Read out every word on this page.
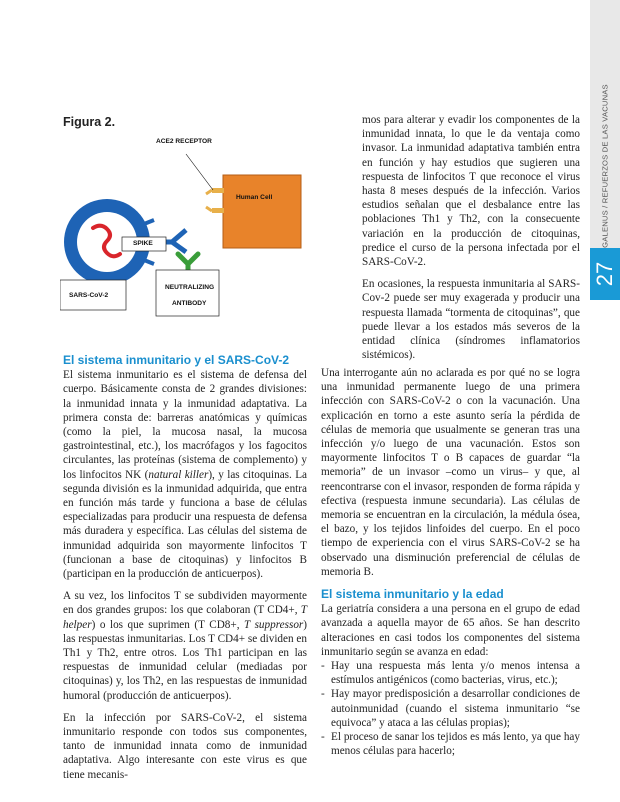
GALENUS / REFUERZOS DE LAS VACUNAS
27
Figura 2.
ACE2 RECEPTOR
Human Cell
SPIKE
SARS-CoV-2
NEUTRALIZING
ANTIBODY
El sistema inmunitario y el SARS-CoV-2

El sistema inmunitario es el sistema de defensa del cuerpo. Básicamente consta de 2 grandes divisiones: la inmunidad innata y la inmunidad adaptativa. La primera consta de: barreras anatómicas y químicas (como la piel, la mucosa nasal, la mucosa gastrointestinal, etc.), los macrófagos y los fagocitos circulantes, las proteínas (sistema de complemento) y los linfocitos NK (natural killer), y las citoquinas. La segunda división es la inmunidad adquirida, que entra en función más tarde y funciona a base de células especializadas para producir una respuesta de defensa más duradera y específica. Las células del sistema de inmunidad adquirida son mayormente linfocitos T (funcionan a base de citoquinas) y linfocitos B (participan en la producción de anticuerpos).

A su vez, los linfocitos T se subdividen mayormente en dos grandes grupos: los que colaboran (T CD4+, T helper) o los que suprimen (T CD8+, T suppressor) las respuestas inmunitarias. Los T CD4+ se dividen en Th1 y Th2, entre otros. Los Th1 participan en las respuestas de inmunidad celular (mediadas por citoquinas) y, los Th2, en las respuestas de inmunidad humoral (producción de anticuerpos).

En la infección por SARS-CoV-2, el sistema inmunitario responde con todos sus componentes, tanto de inmunidad innata como de inmunidad adaptativa. Algo interesante con este virus es que tiene mecanis-

mos para alterar y evadir los componentes de la inmunidad innata, lo que le da ventaja como invasor. La inmunidad adaptativa también entra en función y hay estudios que sugieren una respuesta de linfocitos T que reconoce el virus hasta 8 meses después de la infección. Varios estudios señalan que el desbalance entre las poblaciones Th1 y Th2, con la consecuente variación en la producción de citoquinas, predice el curso de la persona infectada por el SARS-CoV-2.

En ocasiones, la respuesta inmunitaria al SARS-Cov-2 puede ser muy exagerada y producir una respuesta llamada “tormenta de citoquinas”, que puede llevar a los estados más severos de la entidad clínica (síndromes inflamatorios sistémicos).

Una interrogante aún no aclarada es por qué no se logra una inmunidad permanente luego de una primera infección con SARS-CoV-2 o con la vacunación. Una explicación en torno a este asunto sería la pérdida de células de memoria que usualmente se generan tras una infección y/o luego de una vacunación. Estos son mayormente linfocitos T o B capaces de guardar “la memoria” de un invasor –como un virus– y que, al reencontrarse con el invasor, responden de forma rápida y efectiva (respuesta inmune secundaria). Las células de memoria se encuentran en la circulación, la médula ósea, el bazo, y los tejidos linfoides del cuerpo. En el poco tiempo de experiencia con el virus SARS-CoV-2 se ha observado una disminución preferencial de células de memoria B.

El sistema inmunitario y la edad

La geriatría considera a una persona en el grupo de edad avanzada a aquella mayor de 65 años. Se han descrito alteraciones en casi todos los componentes del sistema inmunitario según se avanza en edad:

- Hay una respuesta más lenta y/o menos intensa a estímulos antigénicos (como bacterias, virus, etc.);
- Hay mayor predisposición a desarrollar condiciones de autoinmunidad (cuando el sistema inmunitario “se equivoca” y ataca a las células propias);
- El proceso de sanar los tejidos es más lento, ya que hay menos células para hacerlo;
